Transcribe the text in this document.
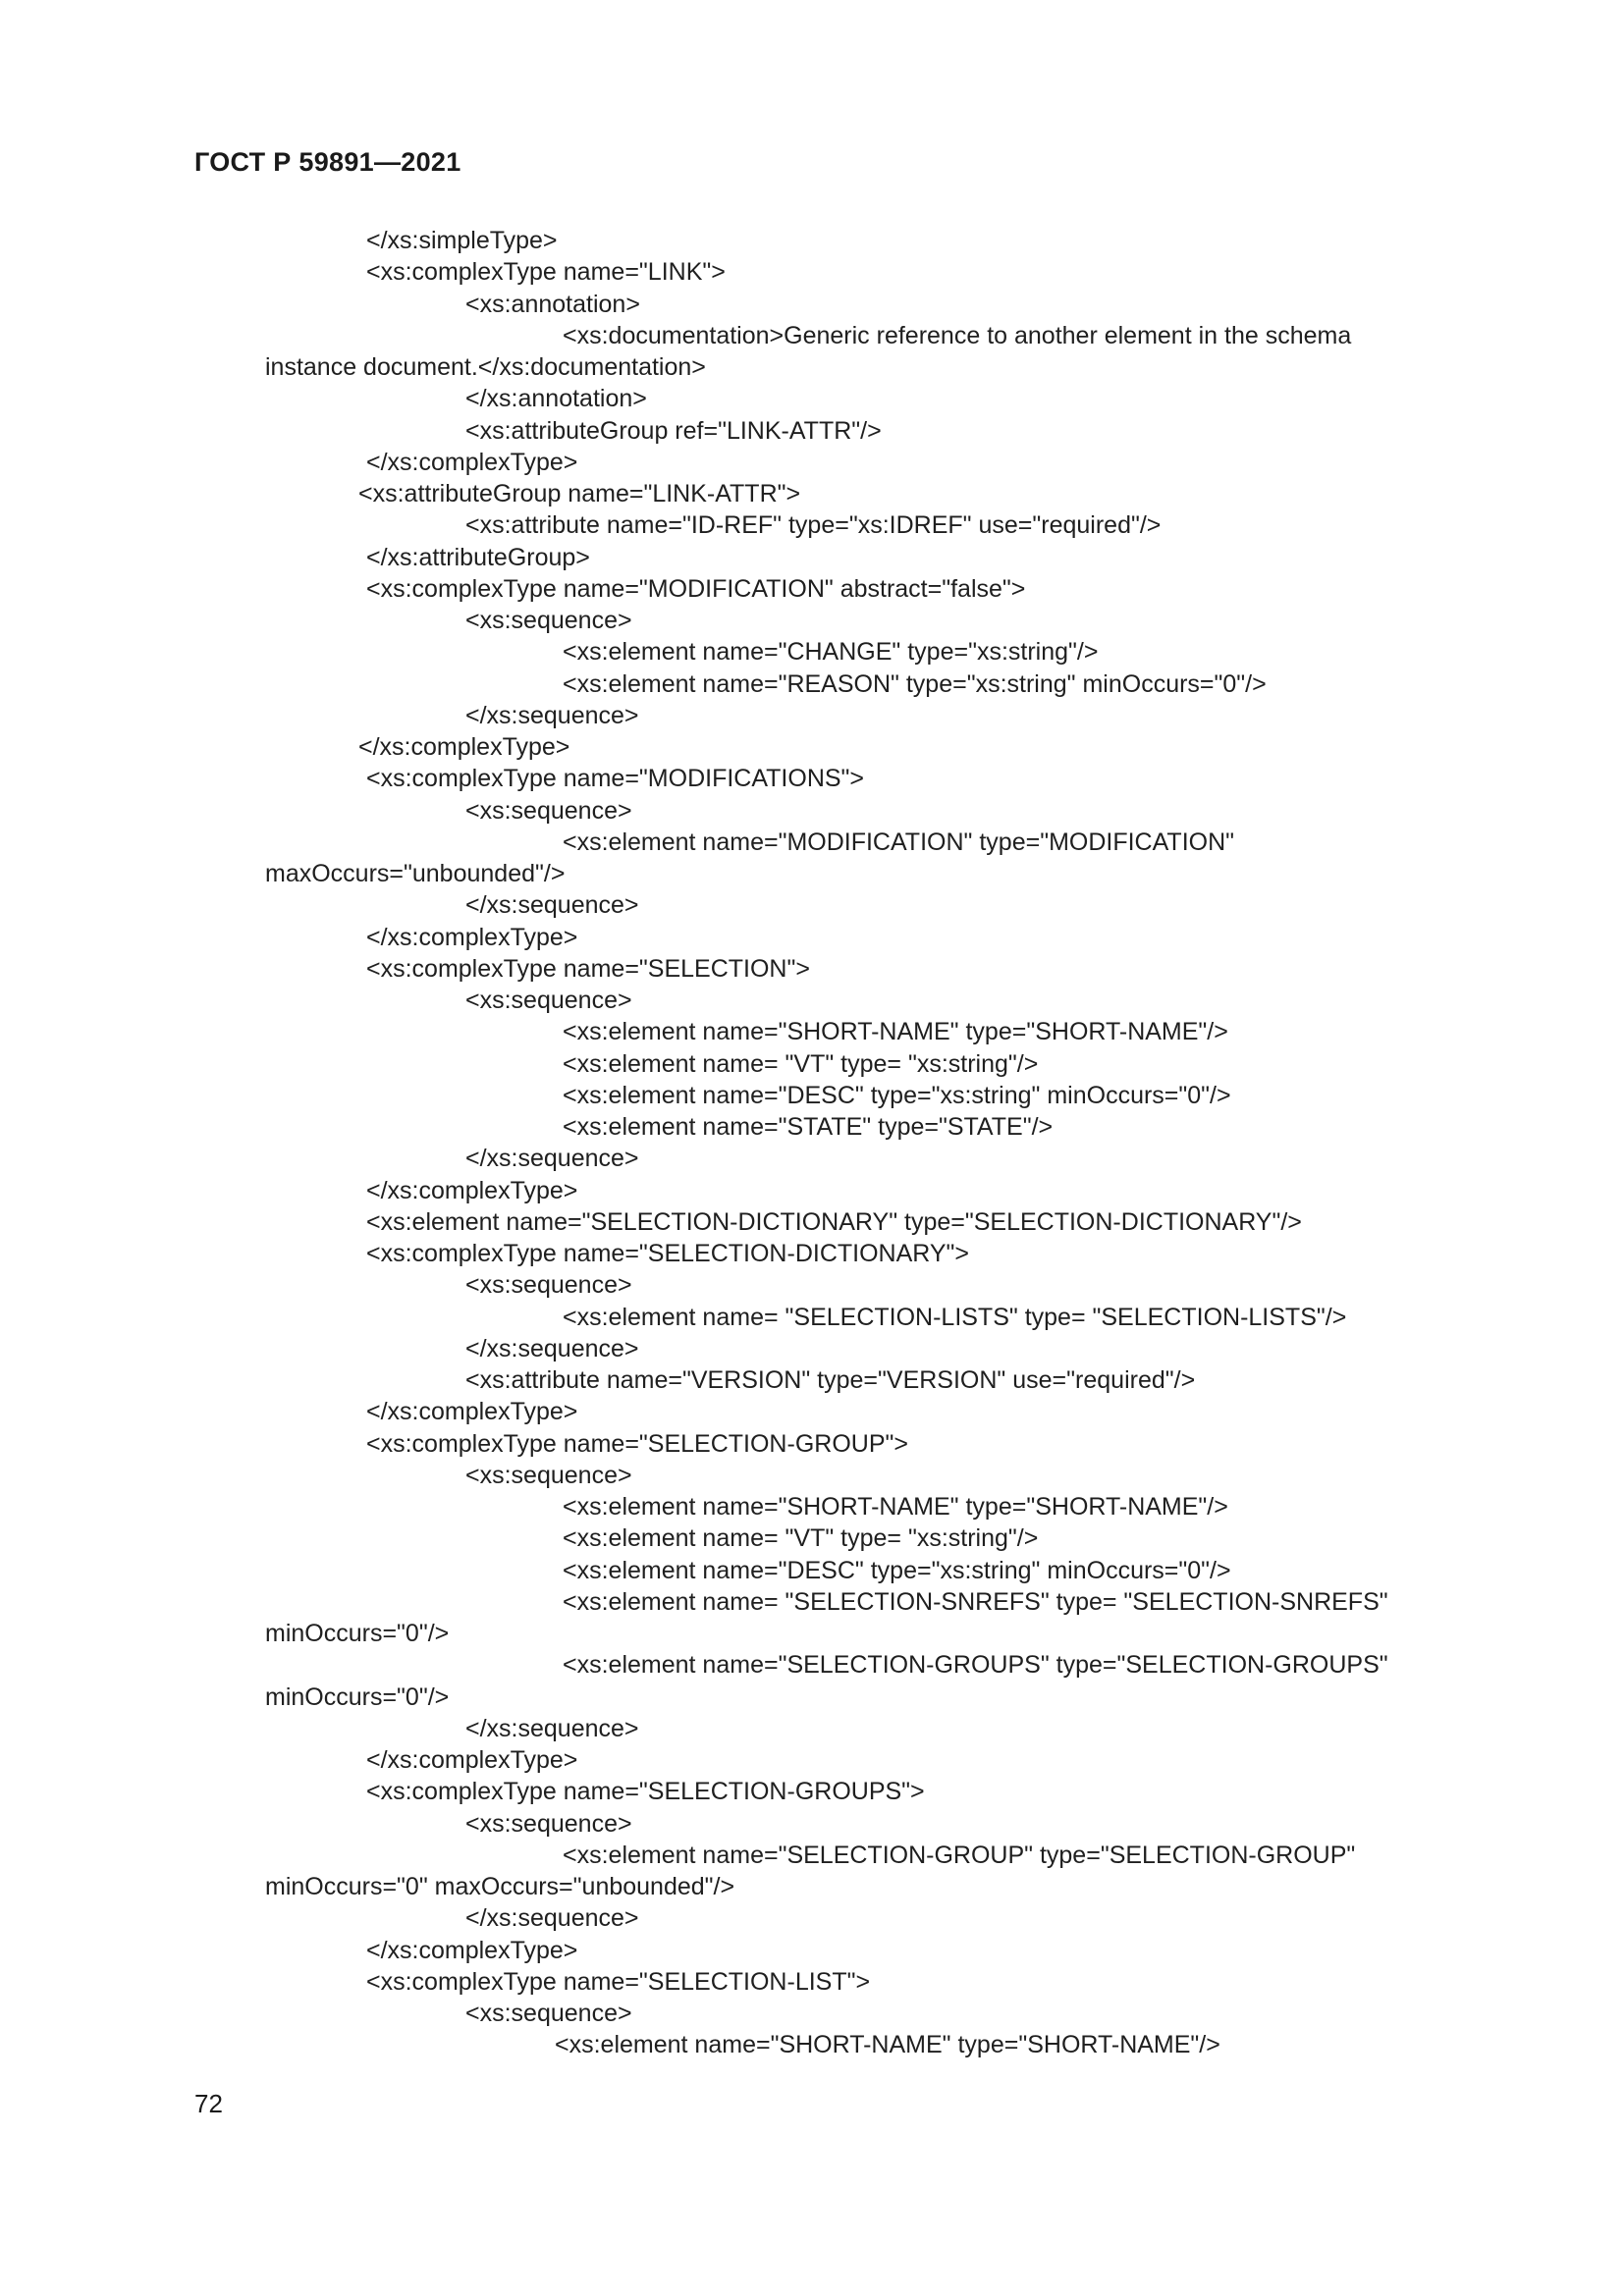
ГОСТ Р 59891—2021
</xs:simpleType>
<xs:complexType name="LINK">
<xs:annotation>
<xs:documentation>Generic reference to another element in the schema
instance document.</xs:documentation>
</xs:annotation>
<xs:attributeGroup ref="LINK-ATTR"/>
</xs:complexType>
<xs:attributeGroup name="LINK-ATTR">
<xs:attribute name="ID-REF" type="xs:IDREF" use="required"/>
</xs:attributeGroup>
<xs:complexType name="MODIFICATION" abstract="false">
<xs:sequence>
<xs:element name="CHANGE" type="xs:string"/>
<xs:element name="REASON" type="xs:string" minOccurs="0"/>
</xs:sequence>
</xs:complexType>
<xs:complexType name="MODIFICATIONS">
<xs:sequence>
<xs:element name="MODIFICATION" type="MODIFICATION"
maxOccurs="unbounded"/>
</xs:sequence>
</xs:complexType>
<xs:complexType name="SELECTION">
<xs:sequence>
<xs:element name="SHORT-NAME" type="SHORT-NAME"/>
<xs:element name= "VT" type= "xs:string"/>
<xs:element name="DESC" type="xs:string" minOccurs="0"/>
<xs:element name="STATE" type="STATE"/>
</xs:sequence>
</xs:complexType>
<xs:element name="SELECTION-DICTIONARY" type="SELECTION-DICTIONARY"/>
<xs:complexType name="SELECTION-DICTIONARY">
<xs:sequence>
<xs:element name= "SELECTION-LISTS" type= "SELECTION-LISTS"/>
</xs:sequence>
<xs:attribute name="VERSION" type="VERSION" use="required"/>
</xs:complexType>
<xs:complexType name="SELECTION-GROUP">
<xs:sequence>
<xs:element name="SHORT-NAME" type="SHORT-NAME"/>
<xs:element name= "VT" type= "xs:string"/>
<xs:element name="DESC" type="xs:string" minOccurs="0"/>
<xs:element name= "SELECTION-SNREFS" type= "SELECTION-SNREFS"
minOccurs="0"/>
<xs:element name="SELECTION-GROUPS" type="SELECTION-GROUPS"
minOccurs="0"/>
</xs:sequence>
</xs:complexType>
<xs:complexType name="SELECTION-GROUPS">
<xs:sequence>
<xs:element name="SELECTION-GROUP" type="SELECTION-GROUP"
minOccurs="0" maxOccurs="unbounded"/>
</xs:sequence>
</xs:complexType>
<xs:complexType name="SELECTION-LIST">
<xs:sequence>
<xs:element name="SHORT-NAME" type="SHORT-NAME"/>
72
